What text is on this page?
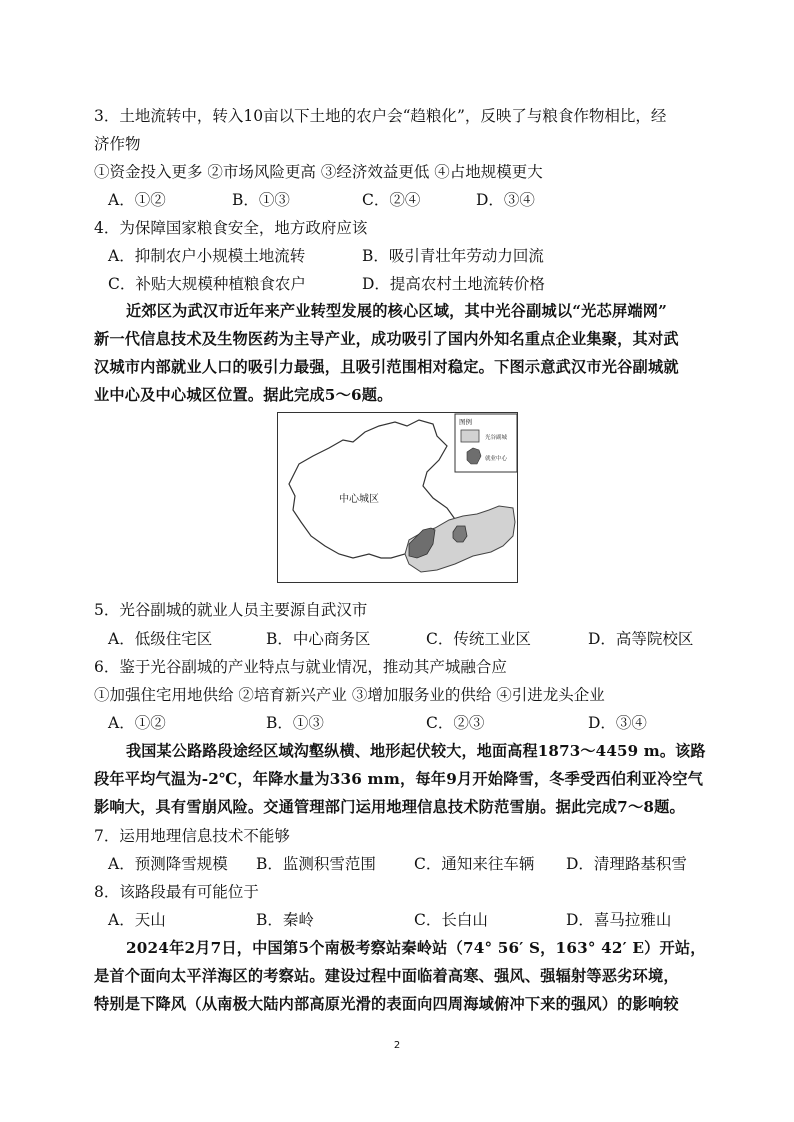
3．土地流转中，转入10亩以下土地的农户会“趋粮化”，反映了与粮食作物相比，经
济作物
①资金投入更多 ②市场风险更高 ③经济效益更低 ④占地规模更大
A．①②	B．①③	C．②④	D．③④
4．为保障国家粮食安全，地方政府应该
A．抑制农户小规模土地流转	B．吸引青壮年劳动力回流
C．补贴大规模种植粮食农户	D．提高农村土地流转价格
近郊区为武汉市近年来产业转型发展的核心区域，其中光谷副城以“光芯屏端网”
新一代信息技术及生物医药为主导产业，成功吸引了国内外知名重点企业集聚，其对武
汉城市内部就业人口的吸引力最强，且吸引范围相对稳定。下图示意武汉市光谷副城就
业中心及中心城区位置。据此完成5～6题。
中心城区
图例
光谷副城
就业中心
5．光谷副城的就业人员主要源自武汉市
A．低级住宅区	B．中心商务区	C．传统工业区	D．高等院校区
6．鉴于光谷副城的产业特点与就业情况，推动其产城融合应
①加强住宅用地供给 ②培育新兴产业 ③增加服务业的供给 ④引进龙头企业
A．①②	B．①③	C．②③	D．③④
我国某公路路段途经区域沟壑纵横、地形起伏较大，地面高程1873～4459 m。该路
段年平均气温为-2℃，年降水量为336 mm，每年9月开始降雪，冬季受西伯利亚冷空气
影响大，具有雪崩风险。交通管理部门运用地理信息技术防范雪崩。据此完成7～8题。
7．运用地理信息技术不能够
A．预测降雪规模 B．监测积雪范围 C．通知来往车辆 D．清理路基积雪
8．该路段最有可能位于
A．天山	B．秦岭	C．长白山	D．喜马拉雅山
2024年2月7日，中国第5个南极考察站秦岭站（74° 56′ S，163° 42′ E）开站，
是首个面向太平洋海区的考察站。建设过程中面临着高寒、强风、强辐射等恶劣环境，
特别是下降风（从南极大陆内部高原光滑的表面向四周海域俯冲下来的强风）的影响较
2
